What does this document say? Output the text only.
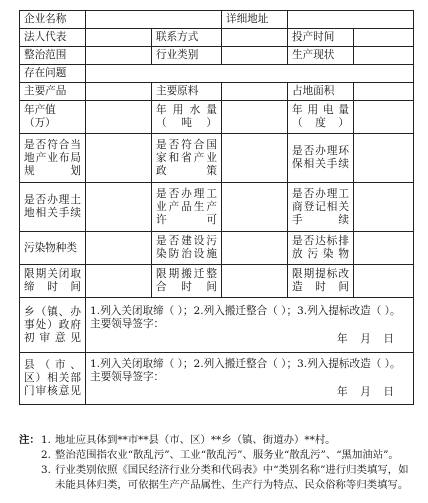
企业名称			详细地址		
法人代表		联系方式		投产时间	
整治范围		行业类别		生产现状	
存在问题					
主要产品		主要原料		占地面积	
年产值（万）		年用水量（吨）		年用电量（度）	
是否符合当地产业布局规划		是否符合国家和省产业政策		是否办理环保相关手续	
是否办理土地相关手续		是否办理工业产品生产许可		是否办理工商登记相关手续	
污染物种类		是否建设污染防治设施		是否达标排放污染物	
限期关闭取缔时间		限期搬迁整合时间		限期提标改造时间	
乡（镇、办事处）政府初审意见	1.列入关闭取缔（ ）；2.列入搬迁整合（ ）；3.列入提标改造（ ）。
主要领导签字：
年　月　日				

县（市、区）相关部门审核意见	1.列入关闭取缔（ ）；2.列入搬迁整合（ ）；3.列入提标改造（ ）。
主要领导签字：
年　月　日				
注： 1. 地址应具体到**市**县（市、区）**乡（镇、街道办）**村。
2. 整治范围指农业“散乱污”、工业“散乱污”、服务业“散乱污”、“黑加油站”。
3. 行业类别依照《国民经济行业分类和代码表》中“类别名称”进行归类填写，如
未能具体归类，可依据生产产品属性、生产行为特点、民众俗称等归类填写。
